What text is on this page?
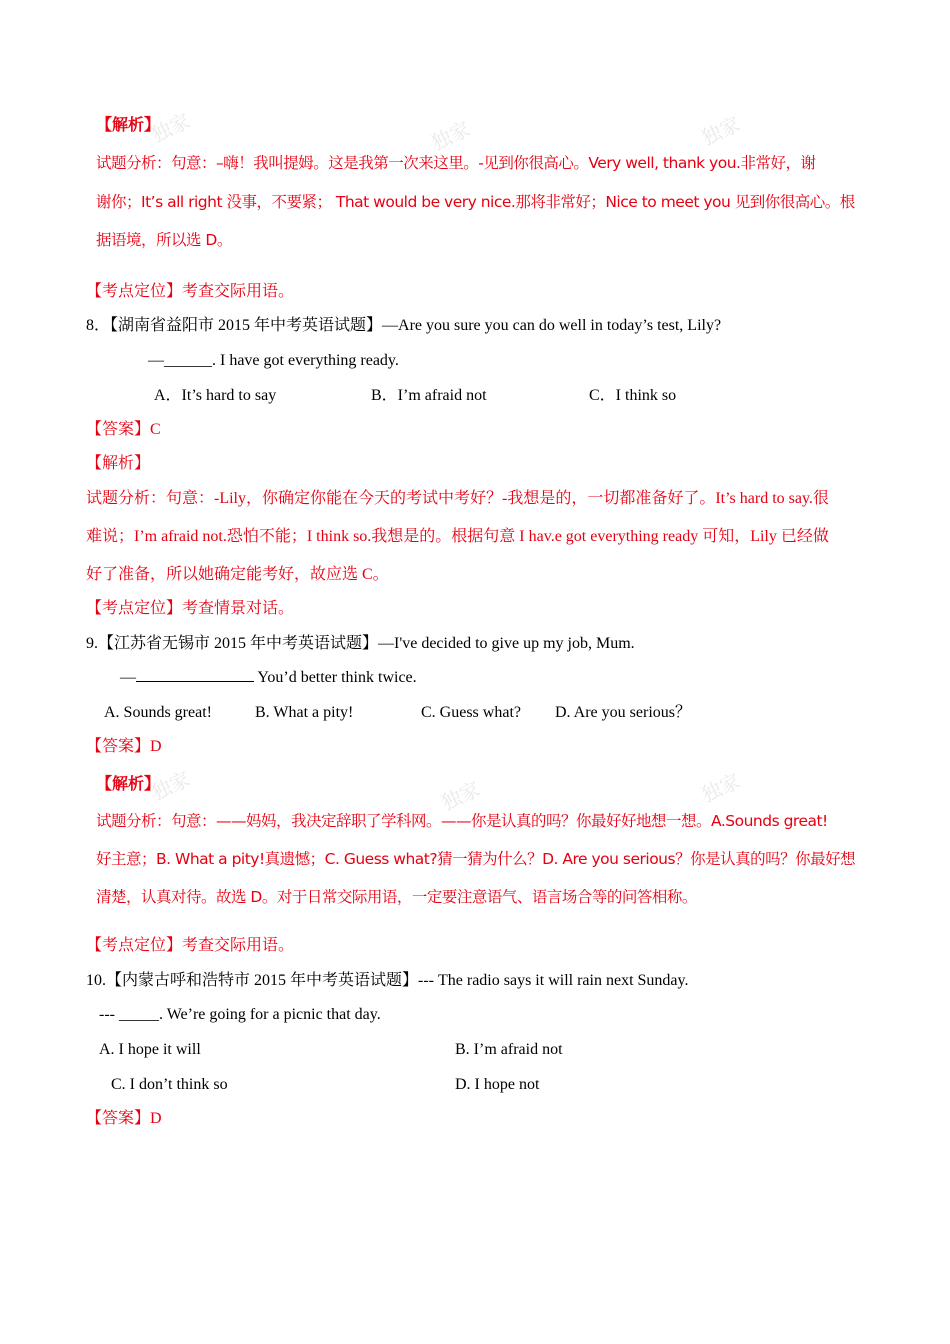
独家	独家	独家
独家	独家	独家
【解析】
试题分析：句意：–嗨！我叫提姆。这是我第一次来这里。-见到你很高心。Very well, thank you.非常好，谢
谢你；It’s all right 没事，不要紧； That would be very nice.那将非常好；Nice to meet you 见到你很高心。根
据语境，所以选 D。
【考点定位】考查交际用语。
8．【湖南省益阳市 2015 年中考英语试题】—Are you sure you can do well in today’s test, Lily?
—______. I have got everything ready.
A．It’s hard to say	B．I’m afraid not	C．I think so
【答案】C
【解析】
试题分析：句意：-Lily，你确定你能在今天的考试中考好？-我想是的，一切都准备好了。It’s hard to say.很
难说；I’m afraid not.恐怕不能；I think so.我想是的。根据句意 I hav.e got everything ready 可知，Lily 已经做
好了准备，所以她确定能考好，故应选 C。
【考点定位】考查情景对话。
9.【江苏省无锡市 2015 年中考英语试题】—I've decided to give up my job, Mum.
—	You’d better think twice.
A. Sounds great!	B. What a pity!	C. Guess what? D. Are you serious？
【答案】D
【解析】
试题分析：句意：——妈妈，我决定辞职了学科网。——你是认真的吗？你最好好地想一想。A.Sounds great!
好主意；B. What a pity!真遗憾；C. Guess what?猜一猜为什么？D. Are you serious？你是认真的吗？你最好想
清楚，认真对待。故选 D。对于日常交际用语，一定要注意语气、语言场合等的问答相称。
【考点定位】考查交际用语。
10.【内蒙古呼和浩特市 2015 年中考英语试题】--- The radio says it will rain next Sunday.
--- _____. We’re going for a picnic that day.
A. I hope it will	B. I’m afraid not
C. I don’t think so	D. I hope not
【答案】D
